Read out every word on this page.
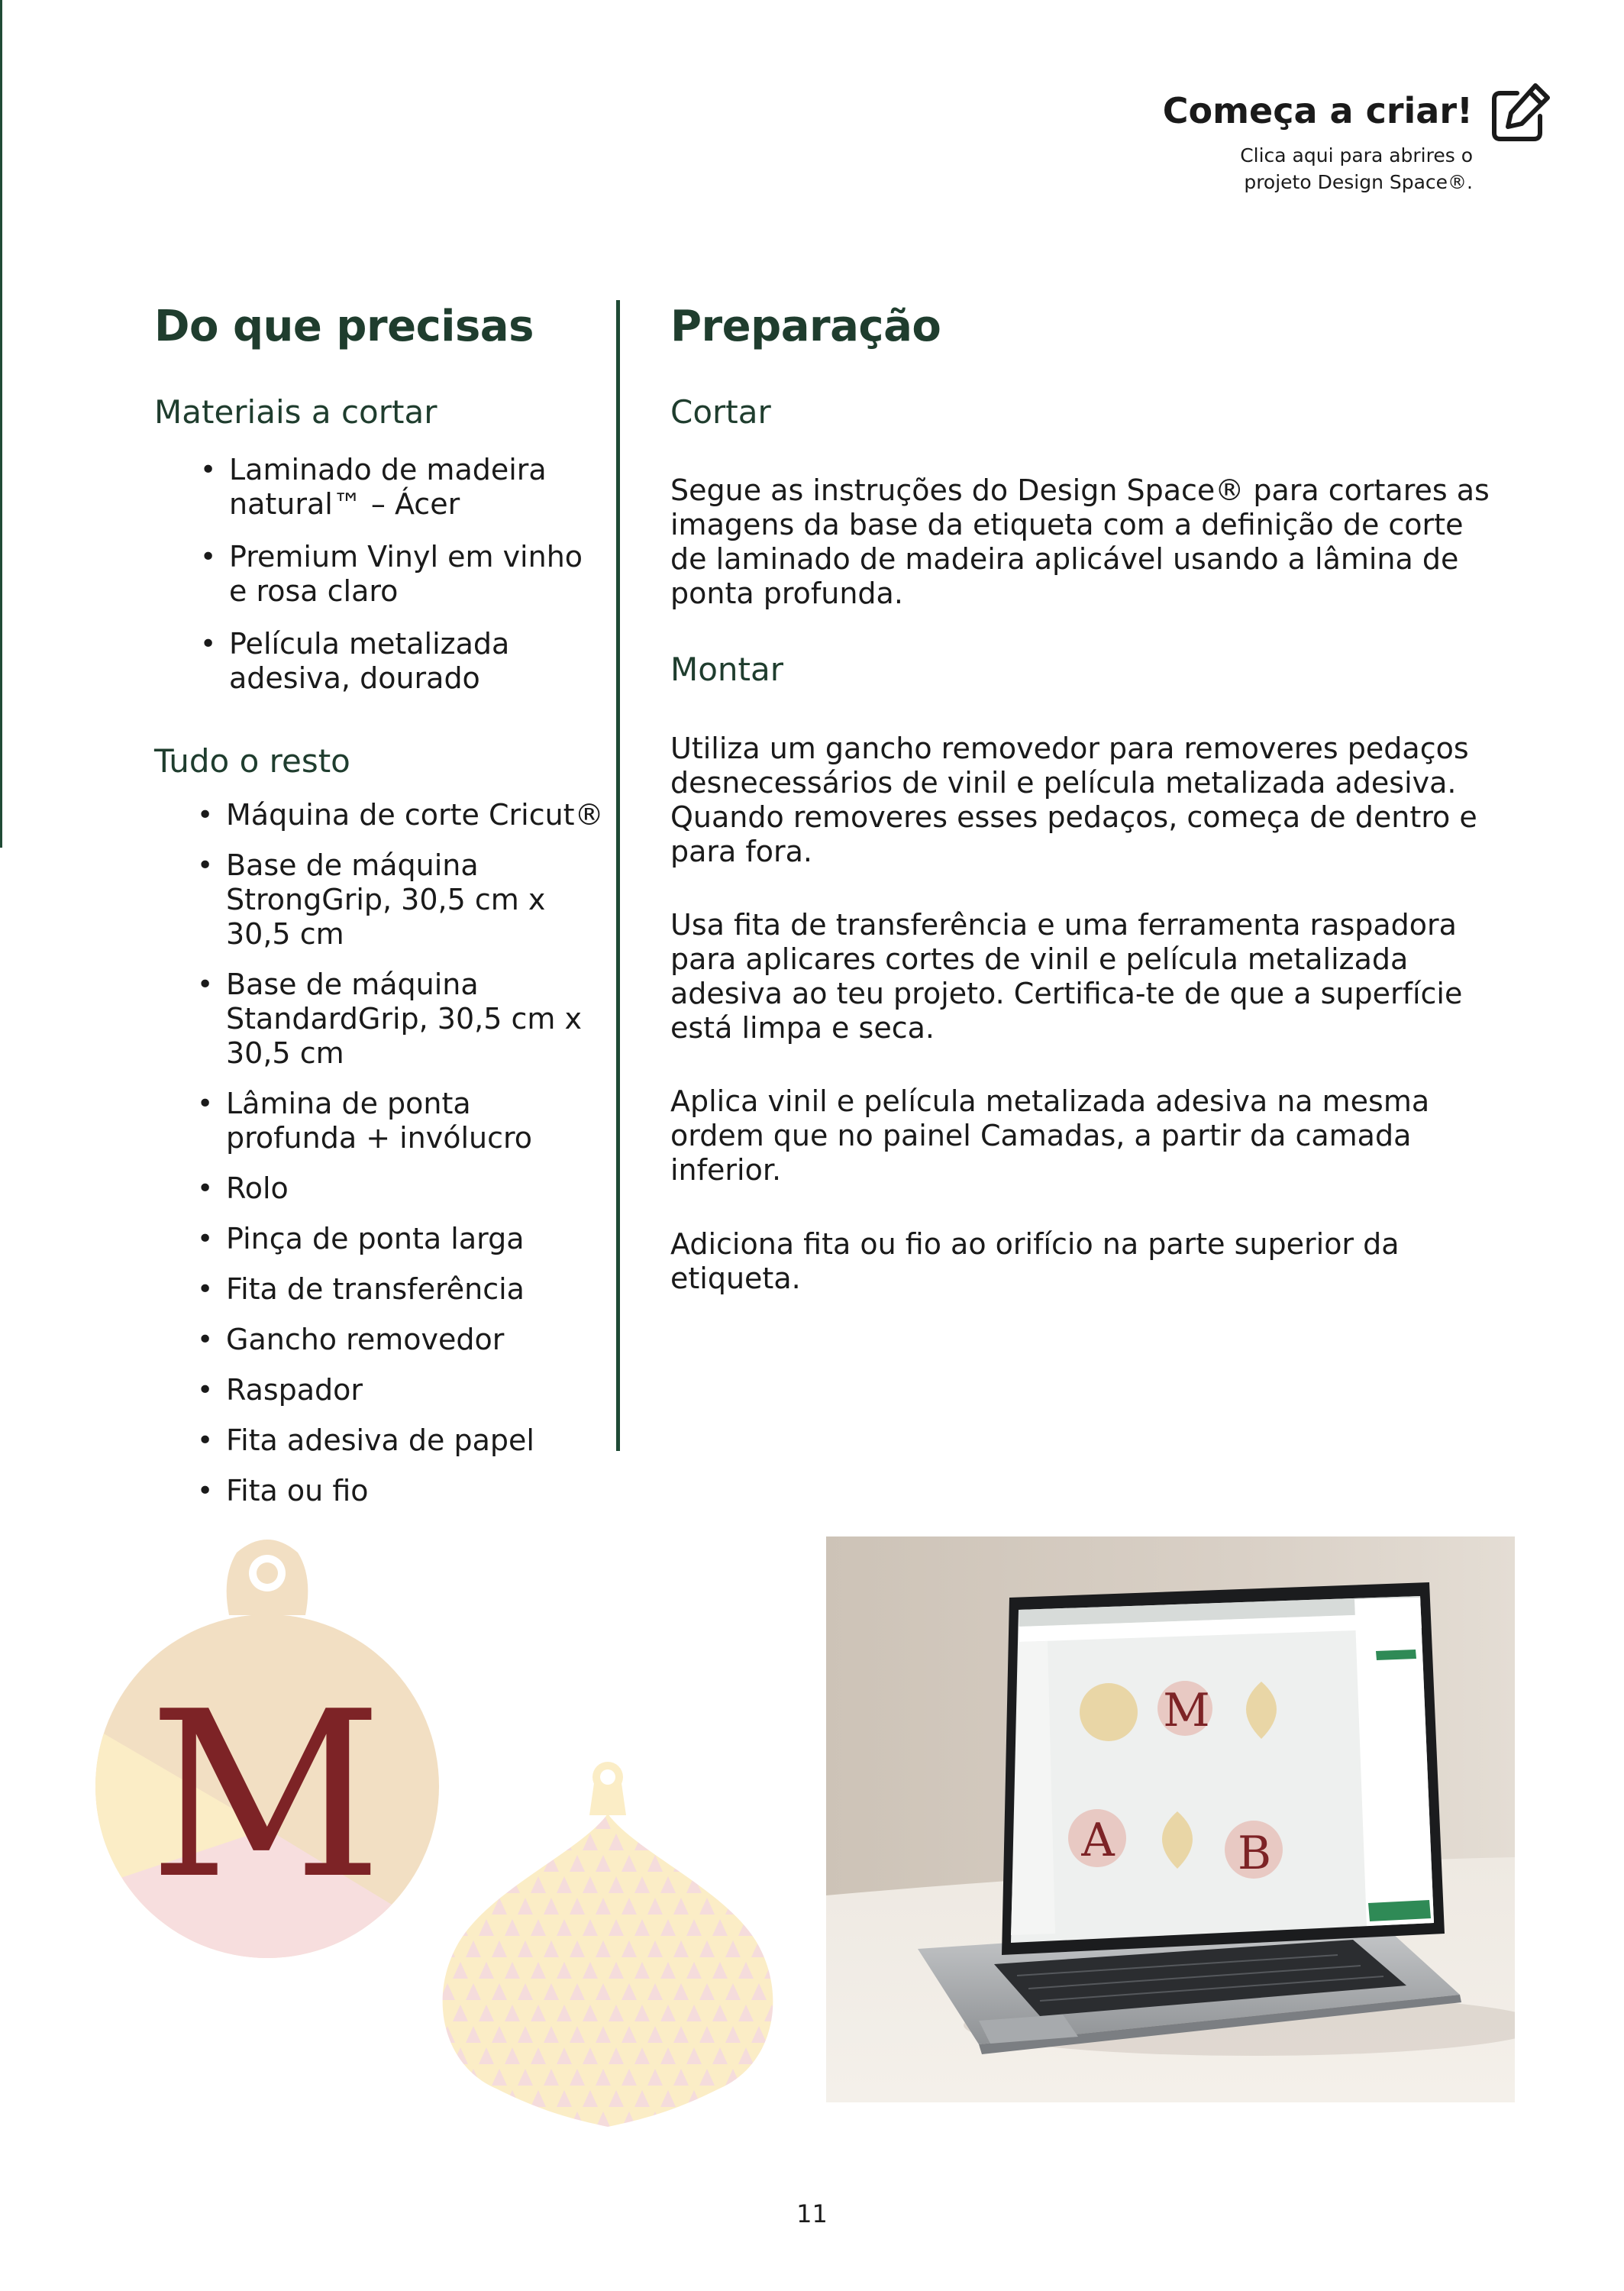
Começa a criar!
Clica aqui para abrires o
projeto Design Space®.
Do que precisas
Materiais a cortar
• Laminado de madeira natural™ – Ácer
• Premium Vinyl em vinho e rosa claro
• Película metalizada adesiva, dourado
Tudo o resto
• Máquina de corte Cricut®
• Base de máquina StrongGrip, 30,5 cm x 30,5 cm
• Base de máquina StandardGrip, 30,5 cm x 30,5 cm
• Lâmina de ponta profunda + invólucro
• Rolo
• Pinça de ponta larga
• Fita de transferência
• Gancho removedor
• Raspador
• Fita adesiva de papel
• Fita ou fio
Preparação
Cortar

Segue as instruções do Design Space® para cortares as imagens da base da etiqueta com a definição de corte de laminado de madeira aplicável usando a lâmina de ponta profunda.

Montar

Utiliza um gancho removedor para removeres pedaços desnecessários de vinil e película metalizada adesiva. Quando removeres esses pedaços, começa de dentro e para fora.

Usa fita de transferência e uma ferramenta raspadora para aplicares cortes de vinil e película metalizada adesiva ao teu projeto. Certifica-te de que a superfície está limpa e seca.

Aplica vinil e película metalizada adesiva na mesma ordem que no painel Camadas, a partir da camada inferior.

Adiciona fita ou fio ao orifício na parte superior da etiqueta.

M	M
A	B
11
